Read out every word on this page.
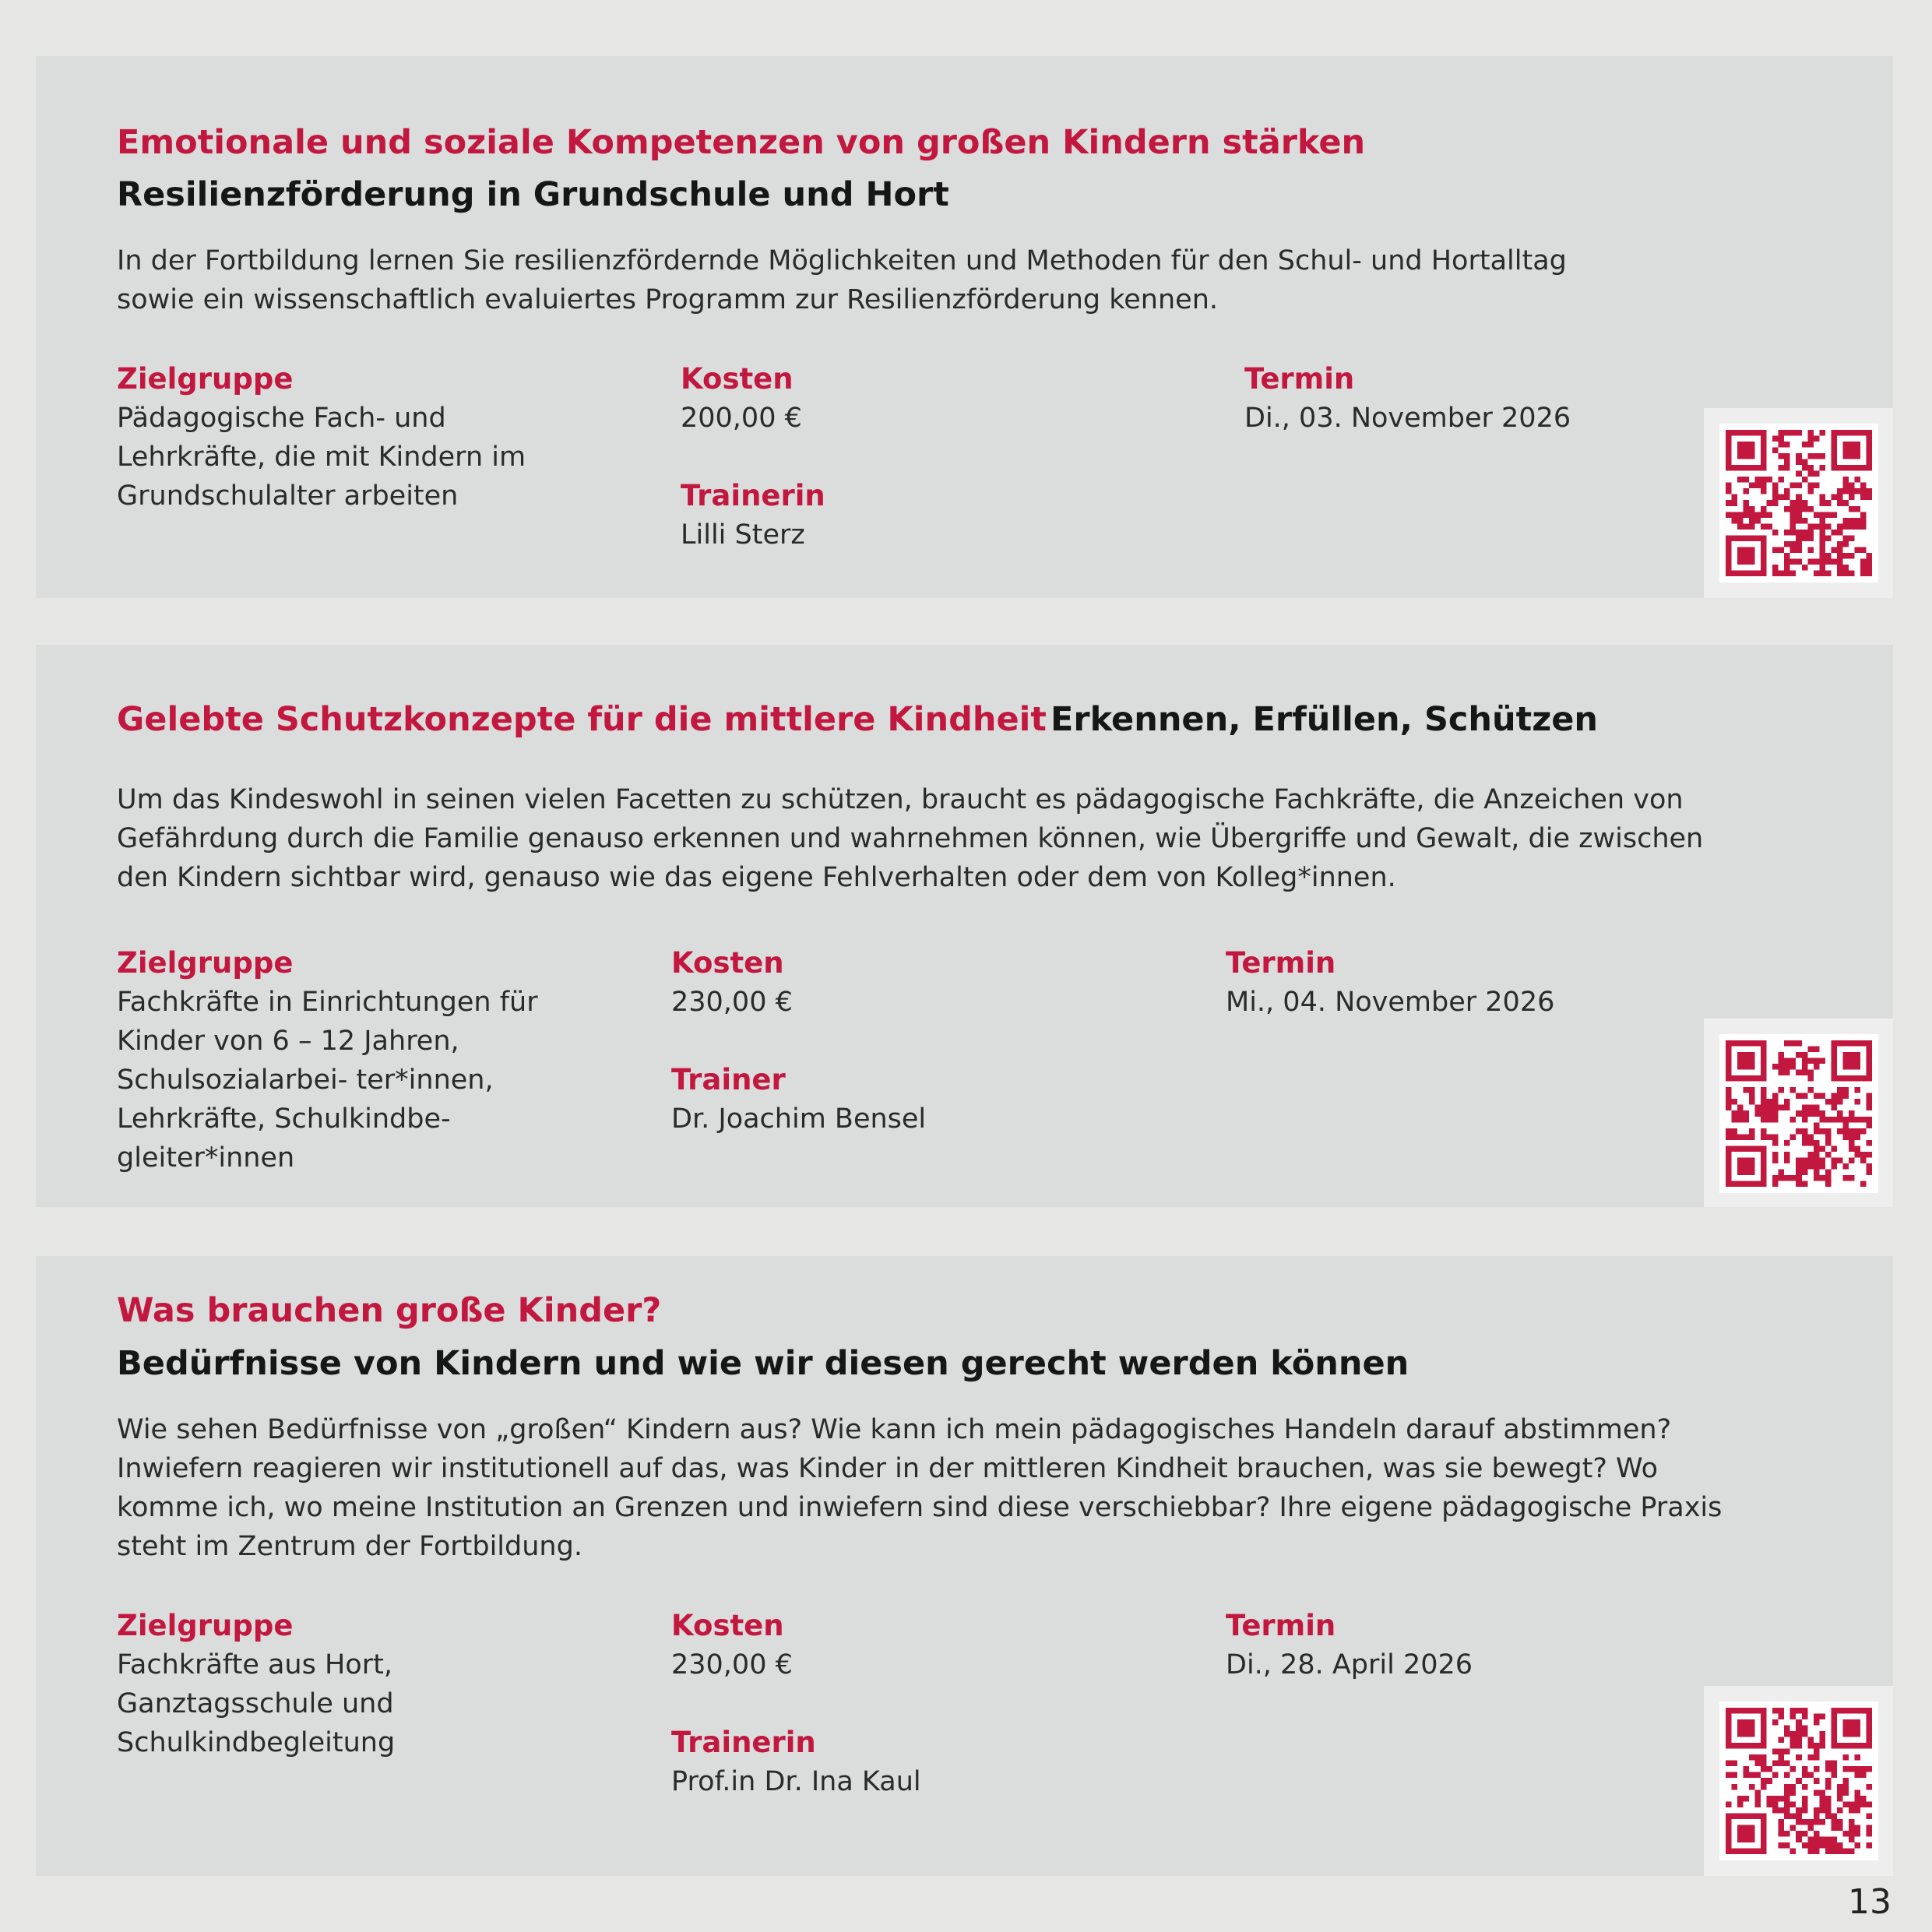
Emotionale und soziale Kompetenzen von großen Kindern stärken
Resilienzförderung in Grundschule und Hort

In der Fortbildung lernen Sie resilienzfördernde Möglichkeiten und Methoden für den Schul- und Hortalltag sowie ein wissenschaftlich evaluiertes Programm zur Resilienzförderung kennen.

Zielgruppe
Pädagogische Fach- und Lehrkräfte, die mit Kindern im Grundschulalter arbeiten
Kosten
200,00 €
Trainerin
Lilli Sterz
Termin
Di., 03. November 2026
Gelebte Schutzkonzepte für die mittlere Kindheit Erkennen, Erfüllen, Schützen

Um das Kindeswohl in seinen vielen Facetten zu schützen, braucht es pädagogische Fachkräfte, die Anzeichen von Gefährdung durch die Familie genauso erkennen und wahrnehmen können, wie Übergriffe und Gewalt, die zwischen den Kindern sichtbar wird, genauso wie das eigene Fehlverhalten oder dem von Kolleg*innen.

Zielgruppe
Fachkräfte in Einrichtungen für Kinder von 6 – 12 Jahren, Schulsozialarbei- ter*innen, Lehrkräfte, Schulkindbe- gleiter*innen
Kosten
230,00 €
Trainer
Dr. Joachim Bensel
Termin
Mi., 04. November 2026
Was brauchen große Kinder?
Bedürfnisse von Kindern und wie wir diesen gerecht werden können

Wie sehen Bedürfnisse von „großen“ Kindern aus? Wie kann ich mein pädagogisches Handeln darauf abstimmen? Inwiefern reagieren wir institutionell auf das, was Kinder in der mittleren Kindheit brauchen, was sie bewegt? Wo komme ich, wo meine Institution an Grenzen und inwiefern sind diese verschiebbar? Ihre eigene pädagogische Praxis steht im Zentrum der Fortbildung.

Zielgruppe
Fachkräfte aus Hort, Ganztagsschule und Schulkindbegleitung
Kosten
230,00 €
Trainerin
Prof.in Dr. Ina Kaul
Termin
Di., 28. April 2026
13
